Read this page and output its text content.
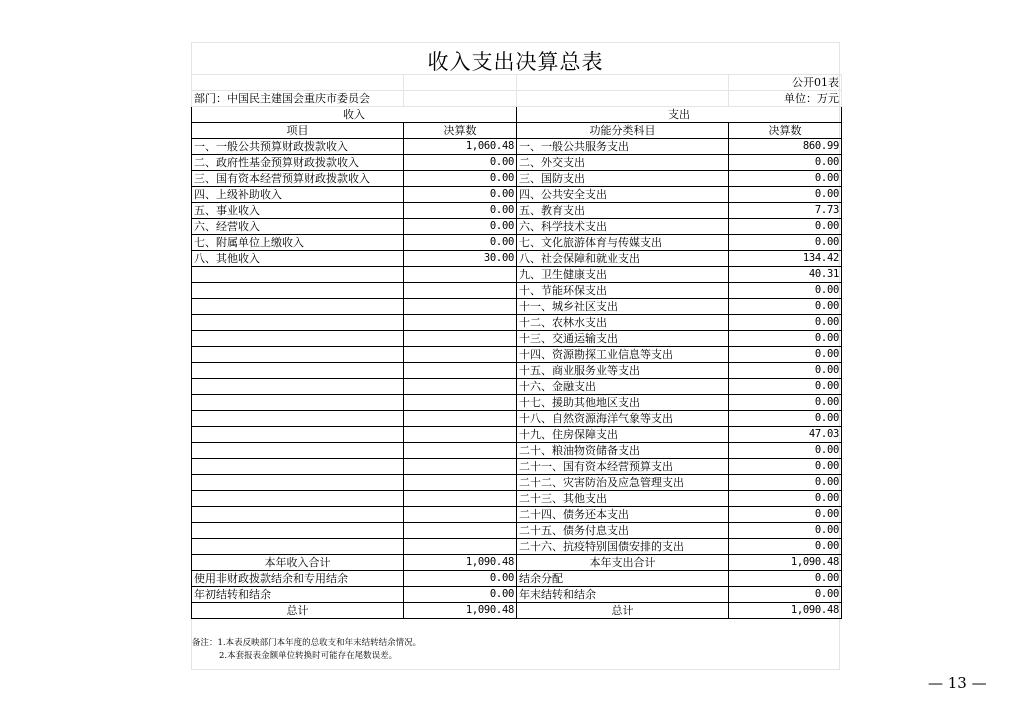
收入支出决算总表
			公开01表
部门：中国民主建国会重庆市委员会			单位：万元
收入		支出	
项目	决算数	功能分类科目	决算数
一、一般公共预算财政拨款收入	1,060.48	一、一般公共服务支出	860.99
二、政府性基金预算财政拨款收入	0.00	二、外交支出	0.00
三、国有资本经营预算财政拨款收入	0.00	三、国防支出	0.00
四、上级补助收入	0.00	四、公共安全支出	0.00
五、事业收入	0.00	五、教育支出	7.73
六、经营收入	0.00	六、科学技术支出	0.00
七、附属单位上缴收入	0.00	七、文化旅游体育与传媒支出	0.00
八、其他收入	30.00	八、社会保障和就业支出	134.42
		九、卫生健康支出	40.31
		十、节能环保支出	0.00
		十一、城乡社区支出	0.00
		十二、农林水支出	0.00
		十三、交通运输支出	0.00
		十四、资源勘探工业信息等支出	0.00
		十五、商业服务业等支出	0.00
		十六、金融支出	0.00
		十七、援助其他地区支出	0.00
		十八、自然资源海洋气象等支出	0.00
		十九、住房保障支出	47.03
		二十、粮油物资储备支出	0.00
		二十一、国有资本经营预算支出	0.00
		二十二、灾害防治及应急管理支出	0.00
		二十三、其他支出	0.00
		二十四、债务还本支出	0.00
		二十五、债务付息支出	0.00
		二十六、抗疫特别国债安排的支出	0.00
本年收入合计	1,090.48	本年支出合计	1,090.48
使用非财政拨款结余和专用结余	0.00	结余分配	0.00
年初结转和结余	0.00	年末结转和结余	0.00
总计	1,090.48	总计	1,090.48
备注：1.本表反映部门本年度的总收支和年末结转结余情况。
2.本套报表金额单位转换时可能存在尾数误差。
— 13 —
